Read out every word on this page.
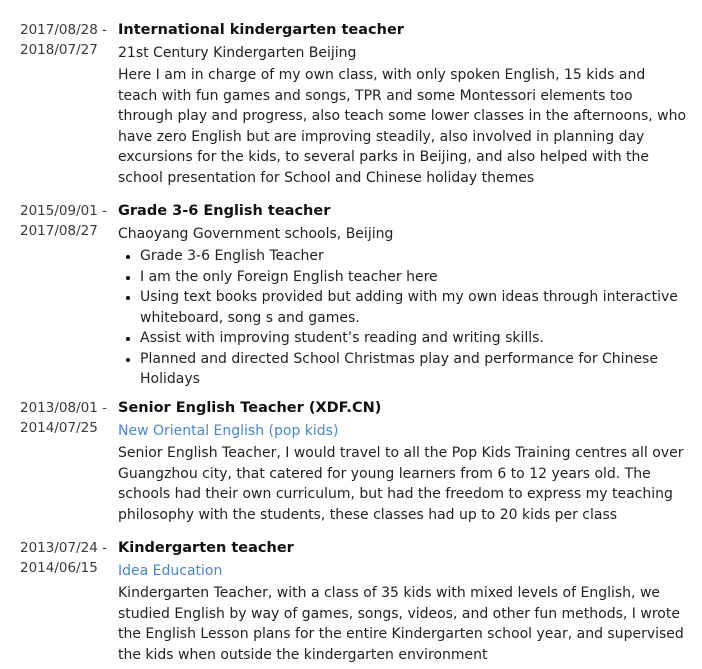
2017/08/28 -
2018/07/27
International kindergarten teacher
21st Century Kindergarten Beijing
Here I am in charge of my own class, with only spoken English, 15 kids and teach with fun games and songs, TPR and some Montessori elements too through play and progress, also teach some lower classes in the afternoons, who have zero English but are improving steadily, also involved in planning day excursions for the kids, to several parks in Beijing, and also helped with the school presentation for School and Chinese holiday themes
2015/09/01 -
2017/08/27
Grade 3-6 English teacher
Chaoyang Government schools, Beijing
• Grade 3-6 English Teacher
• I am the only Foreign English teacher here
• Using text books provided but adding with my own ideas through interactive whiteboard, song s and games.
• Assist with improving student’s reading and writing skills.
• Planned and directed School Christmas play and performance for Chinese Holidays
2013/08/01 -
2014/07/25
Senior English Teacher (XDF.CN)
New Oriental English (pop kids)
Senior English Teacher, I would travel to all the Pop Kids Training centres all over Guangzhou city, that catered for young learners from 6 to 12 years old. The schools had their own curriculum, but had the freedom to express my teaching philosophy with the students, these classes had up to 20 kids per class
2013/07/24 -
2014/06/15
Kindergarten teacher
Idea Education
Kindergarten Teacher, with a class of 35 kids with mixed levels of English, we studied English by way of games, songs, videos, and other fun methods, I wrote the English Lesson plans for the entire Kindergarten school year, and supervised the kids when outside the kindergarten environment
